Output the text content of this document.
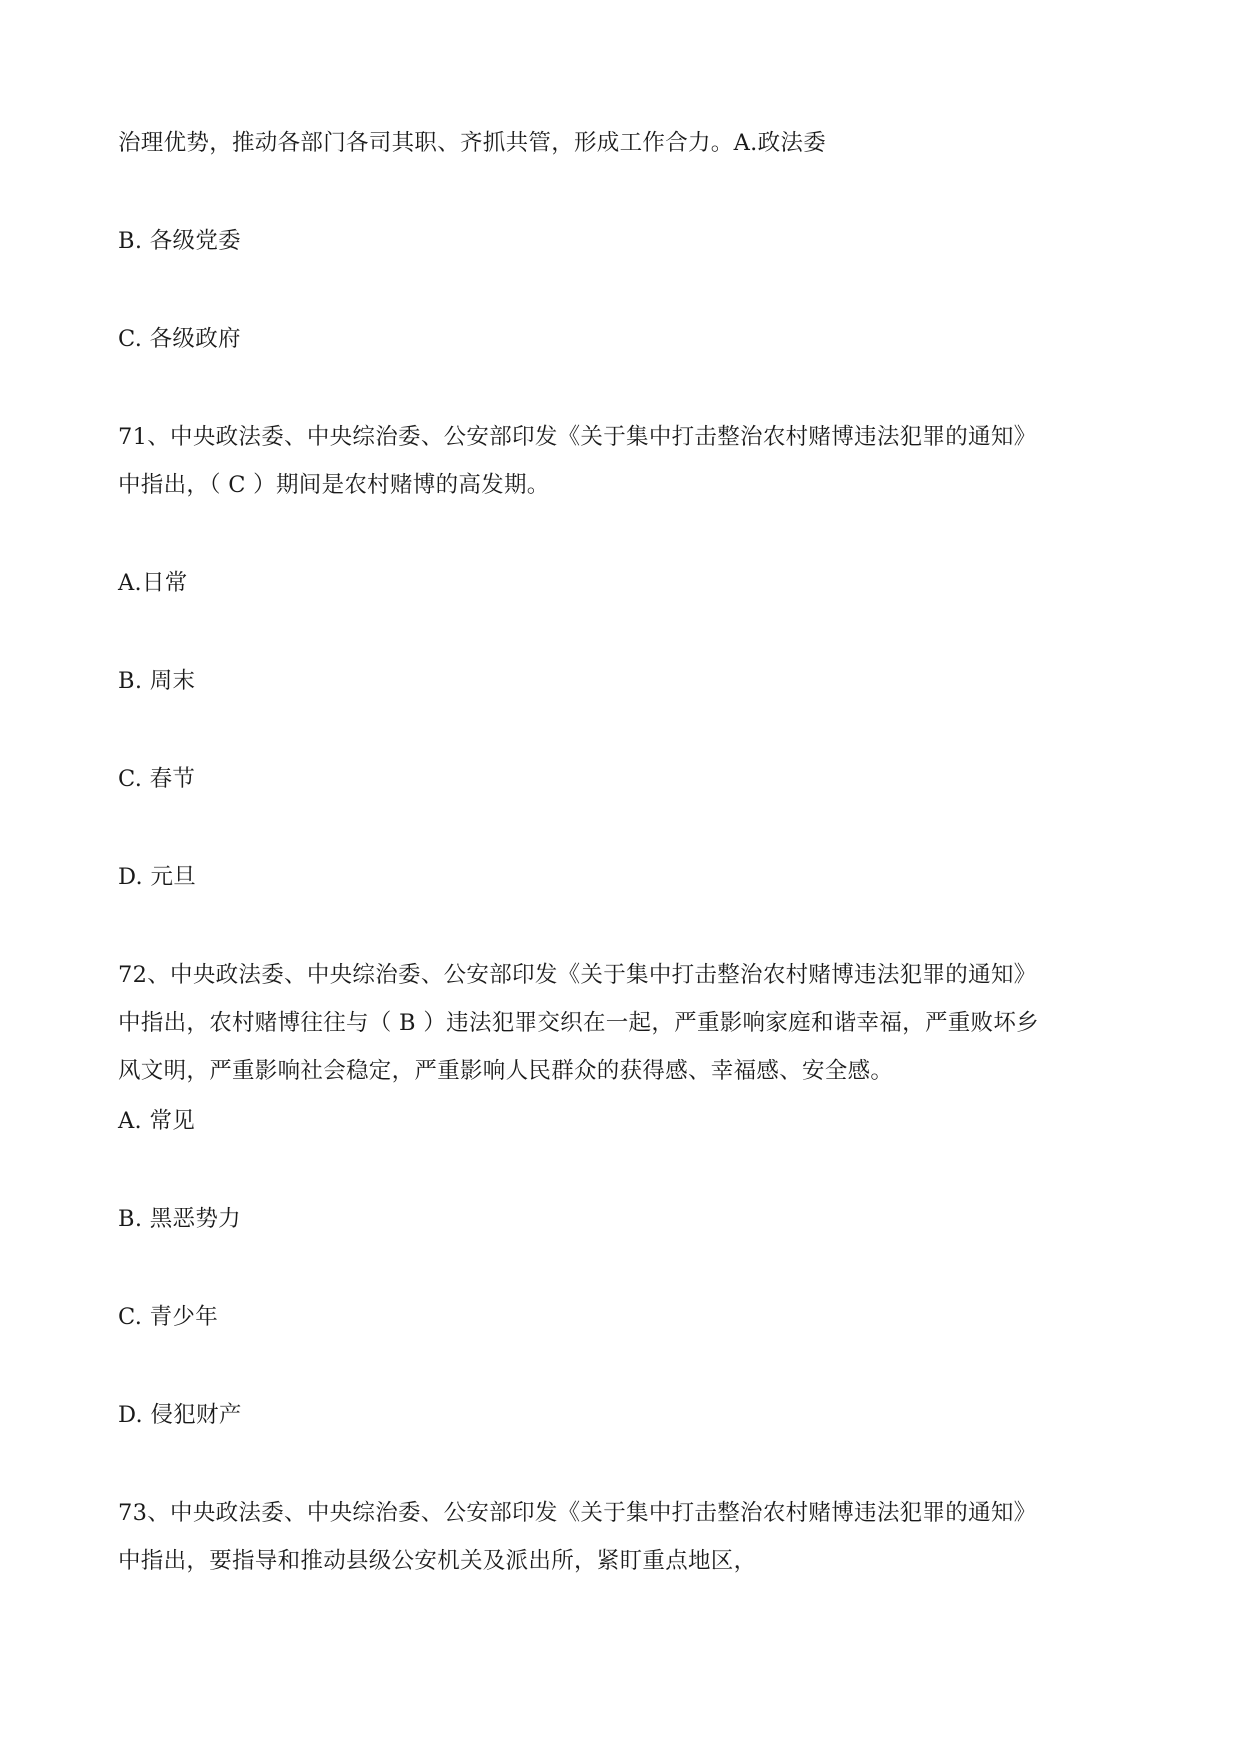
治理优势，推动各部门各司其职、齐抓共管，形成工作合力。A.政法委
B. 各级党委
C. 各级政府
71、中央政法委、中央综治委、公安部印发《关于集中打击整治农村赌博违法犯罪的通知》
中指出，（ C ）期间是农村赌博的高发期。
A.日常
B. 周末
C. 春节
D. 元旦
72、中央政法委、中央综治委、公安部印发《关于集中打击整治农村赌博违法犯罪的通知》
中指出，农村赌博往往与（ B ）违法犯罪交织在一起，严重影响家庭和谐幸福，严重败坏乡
风文明，严重影响社会稳定，严重影响人民群众的获得感、幸福感、安全感。
A. 常见
B. 黑恶势力
C. 青少年
D. 侵犯财产
73、中央政法委、中央综治委、公安部印发《关于集中打击整治农村赌博违法犯罪的通知》
中指出，要指导和推动县级公安机关及派出所，紧盯重点地区，
